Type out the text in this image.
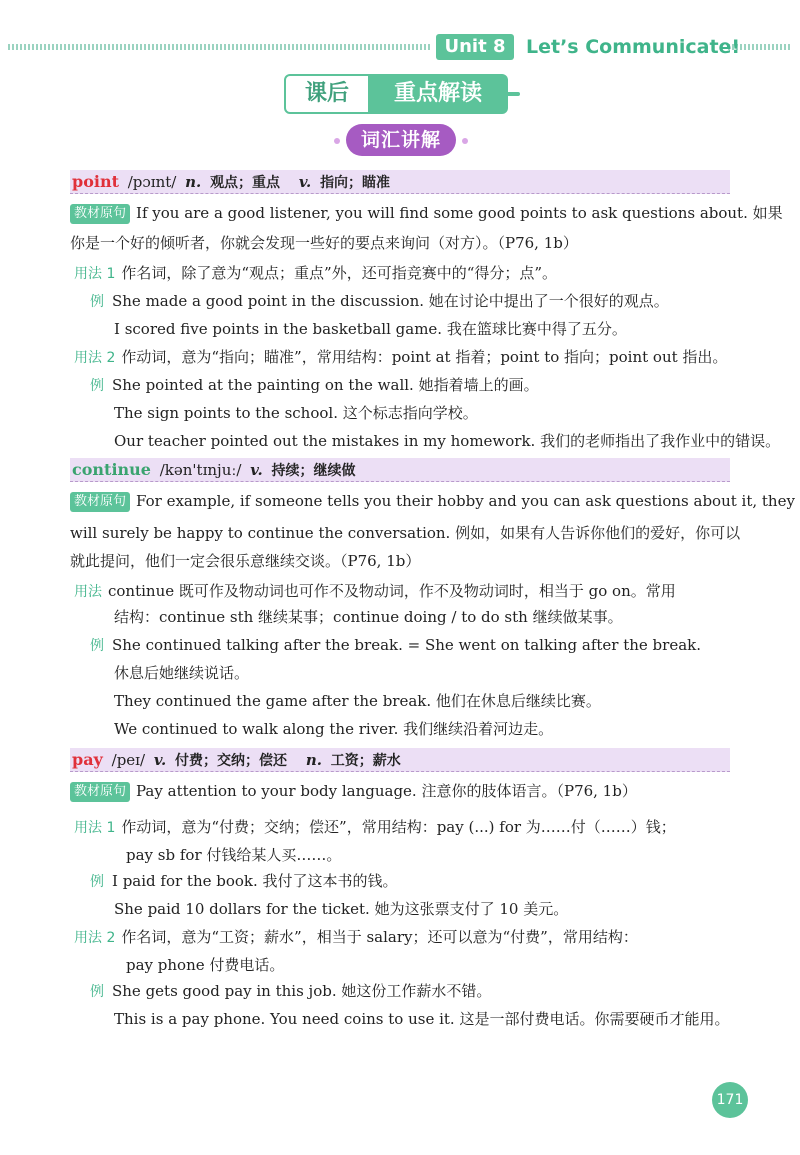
Unit 8	Let’s Communicate!
课后	重点解读
词汇讲解
point /pɔɪnt/ n. 观点；重点 v. 指向；瞄准
教材原句 If you are a good listener, you will find some good points to ask questions about. 如果
你是一个好的倾听者，你就会发现一些好的要点来询问（对方）。（P76, 1b）
用法 1 作名词，除了意为“观点；重点”外，还可指竞赛中的“得分；点”。
例 She made a good point in the discussion. 她在讨论中提出了一个很好的观点。
I scored five points in the basketball game. 我在篮球比赛中得了五分。
用法 2 作动词，意为“指向；瞄准”，常用结构：point at 指着；point to 指向；point out 指出。
例 She pointed at the painting on the wall. 她指着墙上的画。
The sign points to the school. 这个标志指向学校。
Our teacher pointed out the mistakes in my homework. 我们的老师指出了我作业中的错误。
continue /kən'tɪnjuː/ v. 持续；继续做
教材原句 For example, if someone tells you their hobby and you can ask questions about it, they
will surely be happy to continue the conversation. 例如，如果有人告诉你他们的爱好，你可以
就此提问，他们一定会很乐意继续交谈。（P76, 1b）
用法 continue 既可作及物动词也可作不及物动词，作不及物动词时，相当于 go on。常用
结构：continue sth 继续某事；continue doing / to do sth 继续做某事。
例 She continued talking after the break. = She went on talking after the break.
休息后她继续说话。
They continued the game after the break. 他们在休息后继续比赛。
We continued to walk along the river. 我们继续沿着河边走。
pay /peɪ/ v. 付费；交纳；偿还 n. 工资；薪水
教材原句 Pay attention to your body language. 注意你的肢体语言。（P76, 1b）
用法 1 作动词，意为“付费；交纳；偿还”，常用结构：pay (...) for 为……付（……）钱；
pay sb for 付钱给某人买……。
例 I paid for the book. 我付了这本书的钱。
She paid 10 dollars for the ticket. 她为这张票支付了 10 美元。
用法 2 作名词，意为“工资；薪水”，相当于 salary；还可以意为“付费”，常用结构：
pay phone 付费电话。
例 She gets good pay in this job. 她这份工作薪水不错。
This is a pay phone. You need coins to use it. 这是一部付费电话。你需要硬币才能用。
171
